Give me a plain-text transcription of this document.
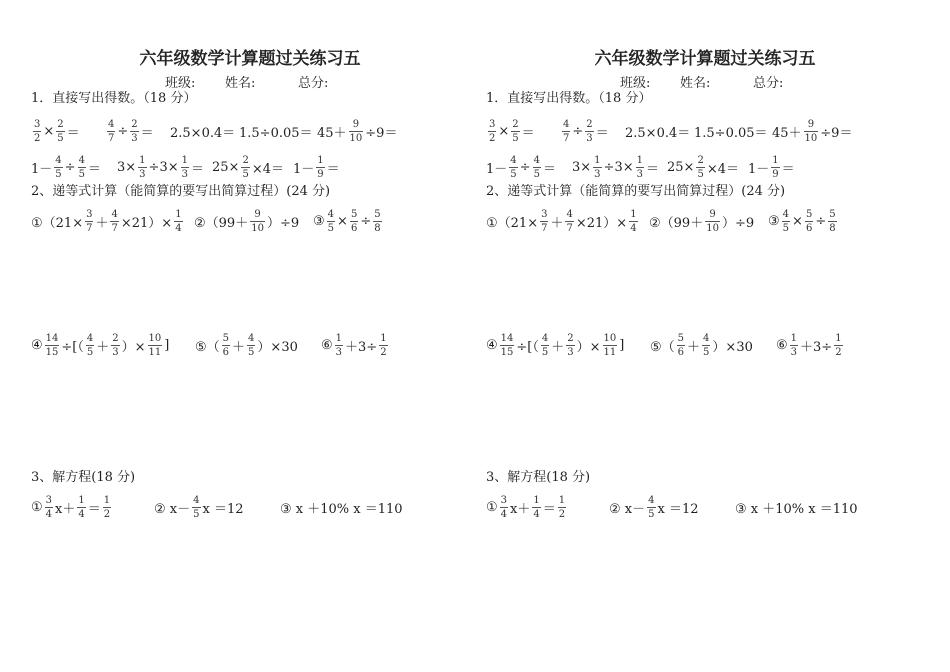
六年级数学计算题过关练习五
班级: 姓名:	总分:
1．直接写出得数。（18 分）
$\frac{3}{2} \times \frac{2}{5}$ ＝	$\frac{4}{7} \div \frac{2}{3} = 2.5\times 0.4= 1.5\div 0.05= 45+ \frac{9}{10} \div 9=$
$1- \frac{4}{5} \div \frac{4}{5} = 3\times \frac{1}{3} \div 3\times \frac{1}{3} = 25\times \frac{2}{5} \times 4= 1- \frac{1}{9}$ ＝
2、递等式计算（能简算的要写出简算过程）(24 分)
①（21× $\frac{3}{7} + \frac{4}{7} \times 21)\times \frac{1}{4}$ ②（99＋ $\frac{9}{10} )\div 9$ ③ $\frac{4}{5} \times \frac{5}{6} \div \frac{5}{8}$
④ $\frac{14}{15}$ ÷[（ $\frac{4}{5} + \frac{2}{3}$ ）× $\frac{10}{11}$ ] ⑤（ $\frac{5}{6} + \frac{4}{5} )\times 30$ ⑥ $\frac{1}{3} +3\div \frac{1}{2}$
3、解方程(18 分)
① $\frac{3}{4} x+ \frac{1}{4} = \frac{1}{2}$	② $x- \frac{4}{5}$ x ＝12	③ x ＋10% x ＝110
六年级数学计算题过关练习五
班级: 姓名:	总分:
1．直接写出得数。（18 分）
$\frac{3}{2} \times \frac{2}{5}$ ＝	$\frac{4}{7} \div \frac{2}{3} = 2.5\times 0.4= 1.5\div 0.05= 45+ \frac{9}{10} \div 9=$
$1- \frac{4}{5} \div \frac{4}{5} = 3\times \frac{1}{3} \div 3\times \frac{1}{3} = 25\times \frac{2}{5} \times 4= 1- \frac{1}{9}$ ＝
2、递等式计算（能简算的要写出简算过程）(24 分)
①（21× $\frac{3}{7} + \frac{4}{7} \times 21)\times \frac{1}{4}$ ②（99＋ $\frac{9}{10} )\div 9$ ③ $\frac{4}{5} \times \frac{5}{6} \div \frac{5}{8}$
④ $\frac{14}{15}$ ÷[（ $\frac{4}{5} + \frac{2}{3}$ ）× $\frac{10}{11}$ ] ⑤（ $\frac{5}{6} + \frac{4}{5} )\times 30$ ⑥ $\frac{1}{3} +3\div \frac{1}{2}$
3、解方程(18 分)
① $\frac{3}{4} x+ \frac{1}{4} = \frac{1}{2}$	② $x- \frac{4}{5}$ x ＝12	③ x ＋10% x ＝110
